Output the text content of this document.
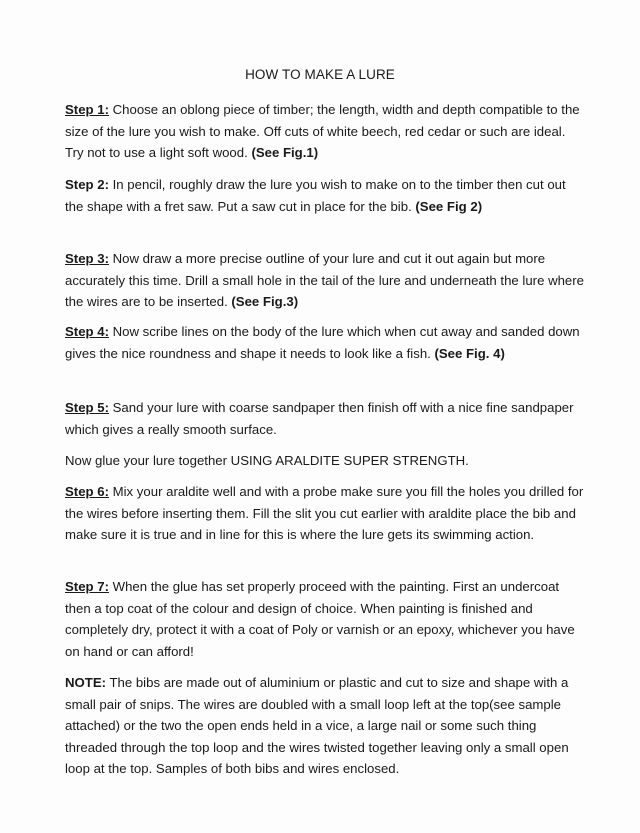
HOW TO MAKE A LURE

Step 1: Choose an oblong piece of timber; the length, width and depth compatible to the size of the lure you wish to make. Off cuts of white beech, red cedar or such are ideal. Try not to use a light soft wood. (See Fig.1)

Step 2: In pencil, roughly draw the lure you wish to make on to the timber then cut out the shape with a fret saw. Put a saw cut in place for the bib. (See Fig 2)

Step 3: Now draw a more precise outline of your lure and cut it out again but more accurately this time. Drill a small hole in the tail of the lure and underneath the lure where the wires are to be inserted. (See Fig.3)

Step 4: Now scribe lines on the body of the lure which when cut away and sanded down gives the nice roundness and shape it needs to look like a fish. (See Fig. 4)

Step 5: Sand your lure with coarse sandpaper then finish off with a nice fine sandpaper which gives a really smooth surface.

Now glue your lure together USING ARALDITE SUPER STRENGTH.

Step 6: Mix your araldite well and with a probe make sure you fill the holes you drilled for the wires before inserting them. Fill the slit you cut earlier with araldite place the bib and make sure it is true and in line for this is where the lure gets its swimming action.

Step 7: When the glue has set properly proceed with the painting. First an undercoat then a top coat of the colour and design of choice. When painting is finished and completely dry, protect it with a coat of Poly or varnish or an epoxy, whichever you have on hand or can afford!

NOTE: The bibs are made out of aluminium or plastic and cut to size and shape with a small pair of snips. The wires are doubled with a small loop left at the top(see sample attached) or the two the open ends held in a vice, a large nail or some such thing threaded through the top loop and the wires twisted together leaving only a small open loop at the top. Samples of both bibs and wires enclosed.
